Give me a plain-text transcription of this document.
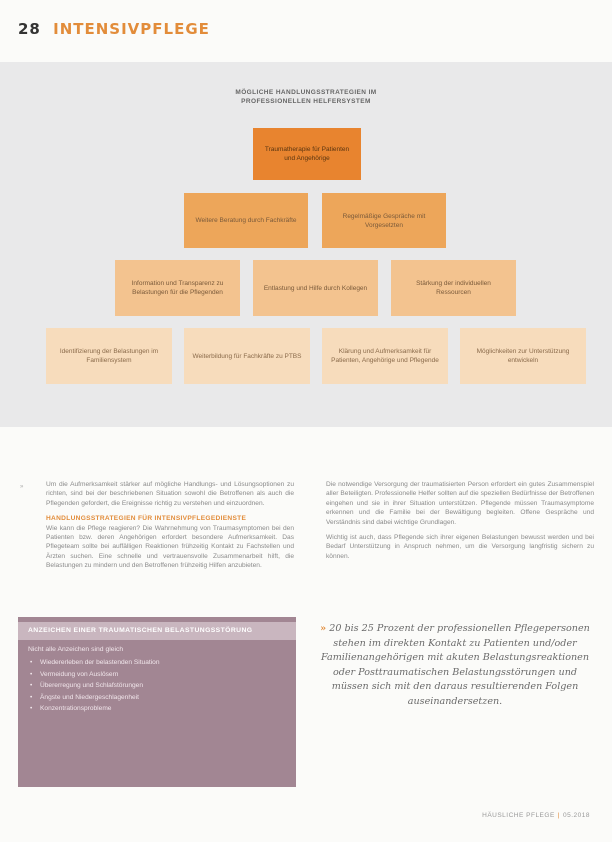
28 INTENSIVPFLEGE
MÖGLICHE HANDLUNGSSTRATEGIEN IM
PROFESSIONELLEN HELFERSYSTEM
Traumatherapie für Patienten und Angehörige
Weitere Beratung durch Fachkräfte
Regelmäßige Gespräche mit Vorgesetzten
Information und Transparenz zu Belastungen für die Pflegenden
Entlastung und Hilfe durch Kollegen
Stärkung der individuellen Ressourcen
Identifizierung der Belastungen im Familiensystem
Weiterbildung für Fachkräfte zu PTBS
Klärung und Aufmerksamkeit für Patienten, Angehörige und Pflegende
Möglichkeiten zur Unterstützung entwickeln
»	Um die Aufmerksamkeit stärker auf mögliche Handlungs- und Lösungsoptionen zu richten, sind bei der beschriebenen Situation sowohl die Betroffenen als auch die Pflegenden gefordert, die Ereignisse richtig zu verstehen und einzuordnen.

HANDLUNGSSTRATEGIEN FÜR INTENSIVPFLEGEDIENSTE

Wie kann die Pflege reagieren? Die Wahrnehmung von Traumasymptomen bei den Patienten bzw. deren Angehörigen erfordert besondere Aufmerksamkeit. Das Pflegeteam sollte bei auffälligen Reaktionen frühzeitig Kontakt zu Fachstellen und Ärzten suchen. Eine schnelle und vertrauensvolle Zusammenarbeit hilft, die Belastungen zu mindern und den Betroffenen frühzeitig Hilfen anzubieten.

Die notwendige Versorgung der traumatisierten Person erfordert ein gutes Zusammenspiel aller Beteiligten. Professionelle Helfer sollten auf die speziellen Bedürfnisse der Betroffenen eingehen und sie in ihrer Situation unterstützen. Pflegende müssen Traumasymptome erkennen und die Familie bei der Bewältigung begleiten. Offene Gespräche und Verständnis sind dabei wichtige Grundlagen.

Wichtig ist auch, dass Pflegende sich ihrer eigenen Belastungen bewusst werden und bei Bedarf Unterstützung in Anspruch nehmen, um die Versorgung langfristig sichern zu können.

ANZEICHEN EINER TRAUMATISCHEN BELASTUNGSSTÖRUNG
Nicht alle Anzeichen sind gleich
• Wiedererleben der belastenden Situation
• Vermeidung von Auslösern
• Übererregung und Schlafstörungen
• Ängste und Niedergeschlagenheit
• Konzentrationsprobleme
» 20 bis 25 Prozent der professionellen Pflegepersonen stehen im direkten Kontakt zu Patienten und/oder Familienangehörigen mit akuten Belastungsreaktionen oder Posttraumatischen Belastungsstörungen und müssen sich mit den daraus resultierenden Folgen auseinandersetzen.
HÄUSLICHE PFLEGE | 05.2018
